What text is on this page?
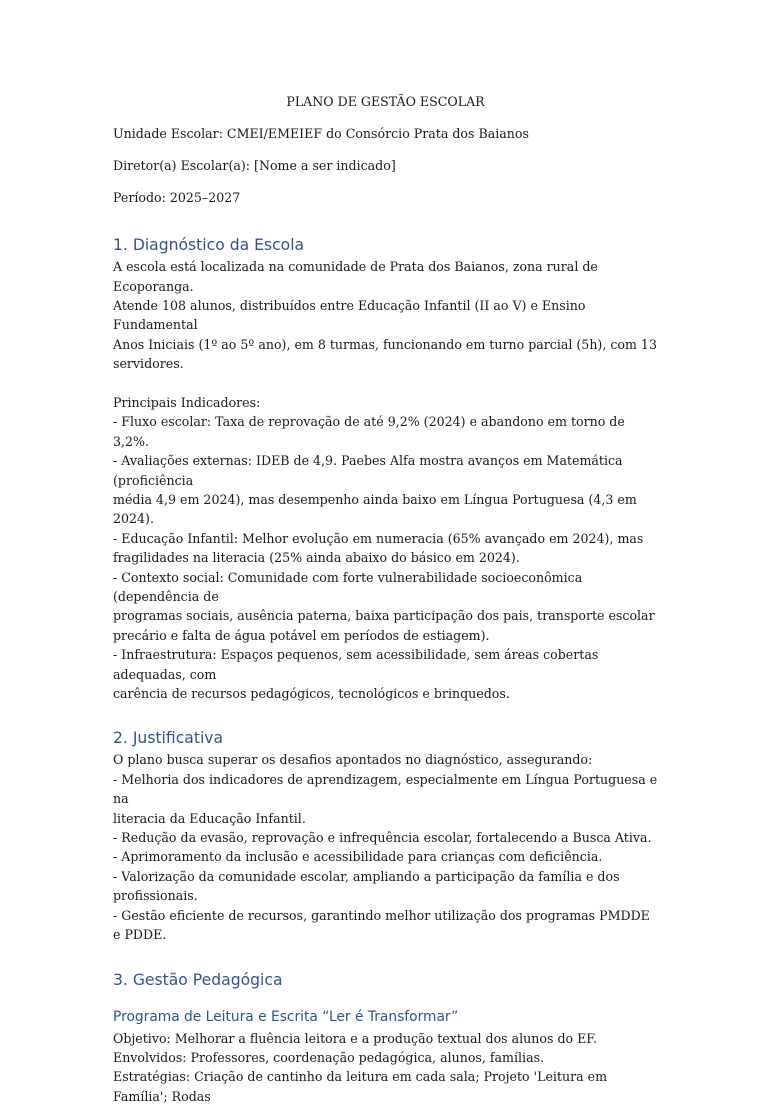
PLANO DE GESTÃO ESCOLAR
Unidade Escolar: CMEI/EMEIEF do Consórcio Prata dos Baianos
Diretor(a) Escolar(a): [Nome a ser indicado]
Período: 2025–2027
1. Diagnóstico da Escola
A escola está localizada na comunidade de Prata dos Baianos, zona rural de Ecoporanga.
Atende 108 alunos, distribuídos entre Educação Infantil (II ao V) e Ensino Fundamental
Anos Iniciais (1º ao 5º ano), em 8 turmas, funcionando em turno parcial (5h), com 13
servidores.
Principais Indicadores:
- Fluxo escolar: Taxa de reprovação de até 9,2% (2024) e abandono em torno de 3,2%.
- Avaliações externas: IDEB de 4,9. Paebes Alfa mostra avanços em Matemática (proficiência
média 4,9 em 2024), mas desempenho ainda baixo em Língua Portuguesa (4,3 em 2024).
- Educação Infantil: Melhor evolução em numeracia (65% avançado em 2024), mas
fragilidades na literacia (25% ainda abaixo do básico em 2024).
- Contexto social: Comunidade com forte vulnerabilidade socioeconômica (dependência de
programas sociais, ausência paterna, baixa participação dos pais, transporte escolar
precário e falta de água potável em períodos de estiagem).
- Infraestrutura: Espaços pequenos, sem acessibilidade, sem áreas cobertas adequadas, com
carência de recursos pedagógicos, tecnológicos e brinquedos.
2. Justificativa
O plano busca superar os desafios apontados no diagnóstico, assegurando:
- Melhoria dos indicadores de aprendizagem, especialmente em Língua Portuguesa e na
literacia da Educação Infantil.
- Redução da evasão, reprovação e infrequência escolar, fortalecendo a Busca Ativa.
- Aprimoramento da inclusão e acessibilidade para crianças com deficiência.
- Valorização da comunidade escolar, ampliando a participação da família e dos
profissionais.
- Gestão eficiente de recursos, garantindo melhor utilização dos programas PMDDE e PDDE.
3. Gestão Pedagógica
Programa de Leitura e Escrita “Ler é Transformar”
Objetivo: Melhorar a fluência leitora e a produção textual dos alunos do EF.
Envolvidos: Professores, coordenação pedagógica, alunos, famílias.
Estratégias: Criação de cantinho da leitura em cada sala; Projeto 'Leitura em Família'; Rodas
